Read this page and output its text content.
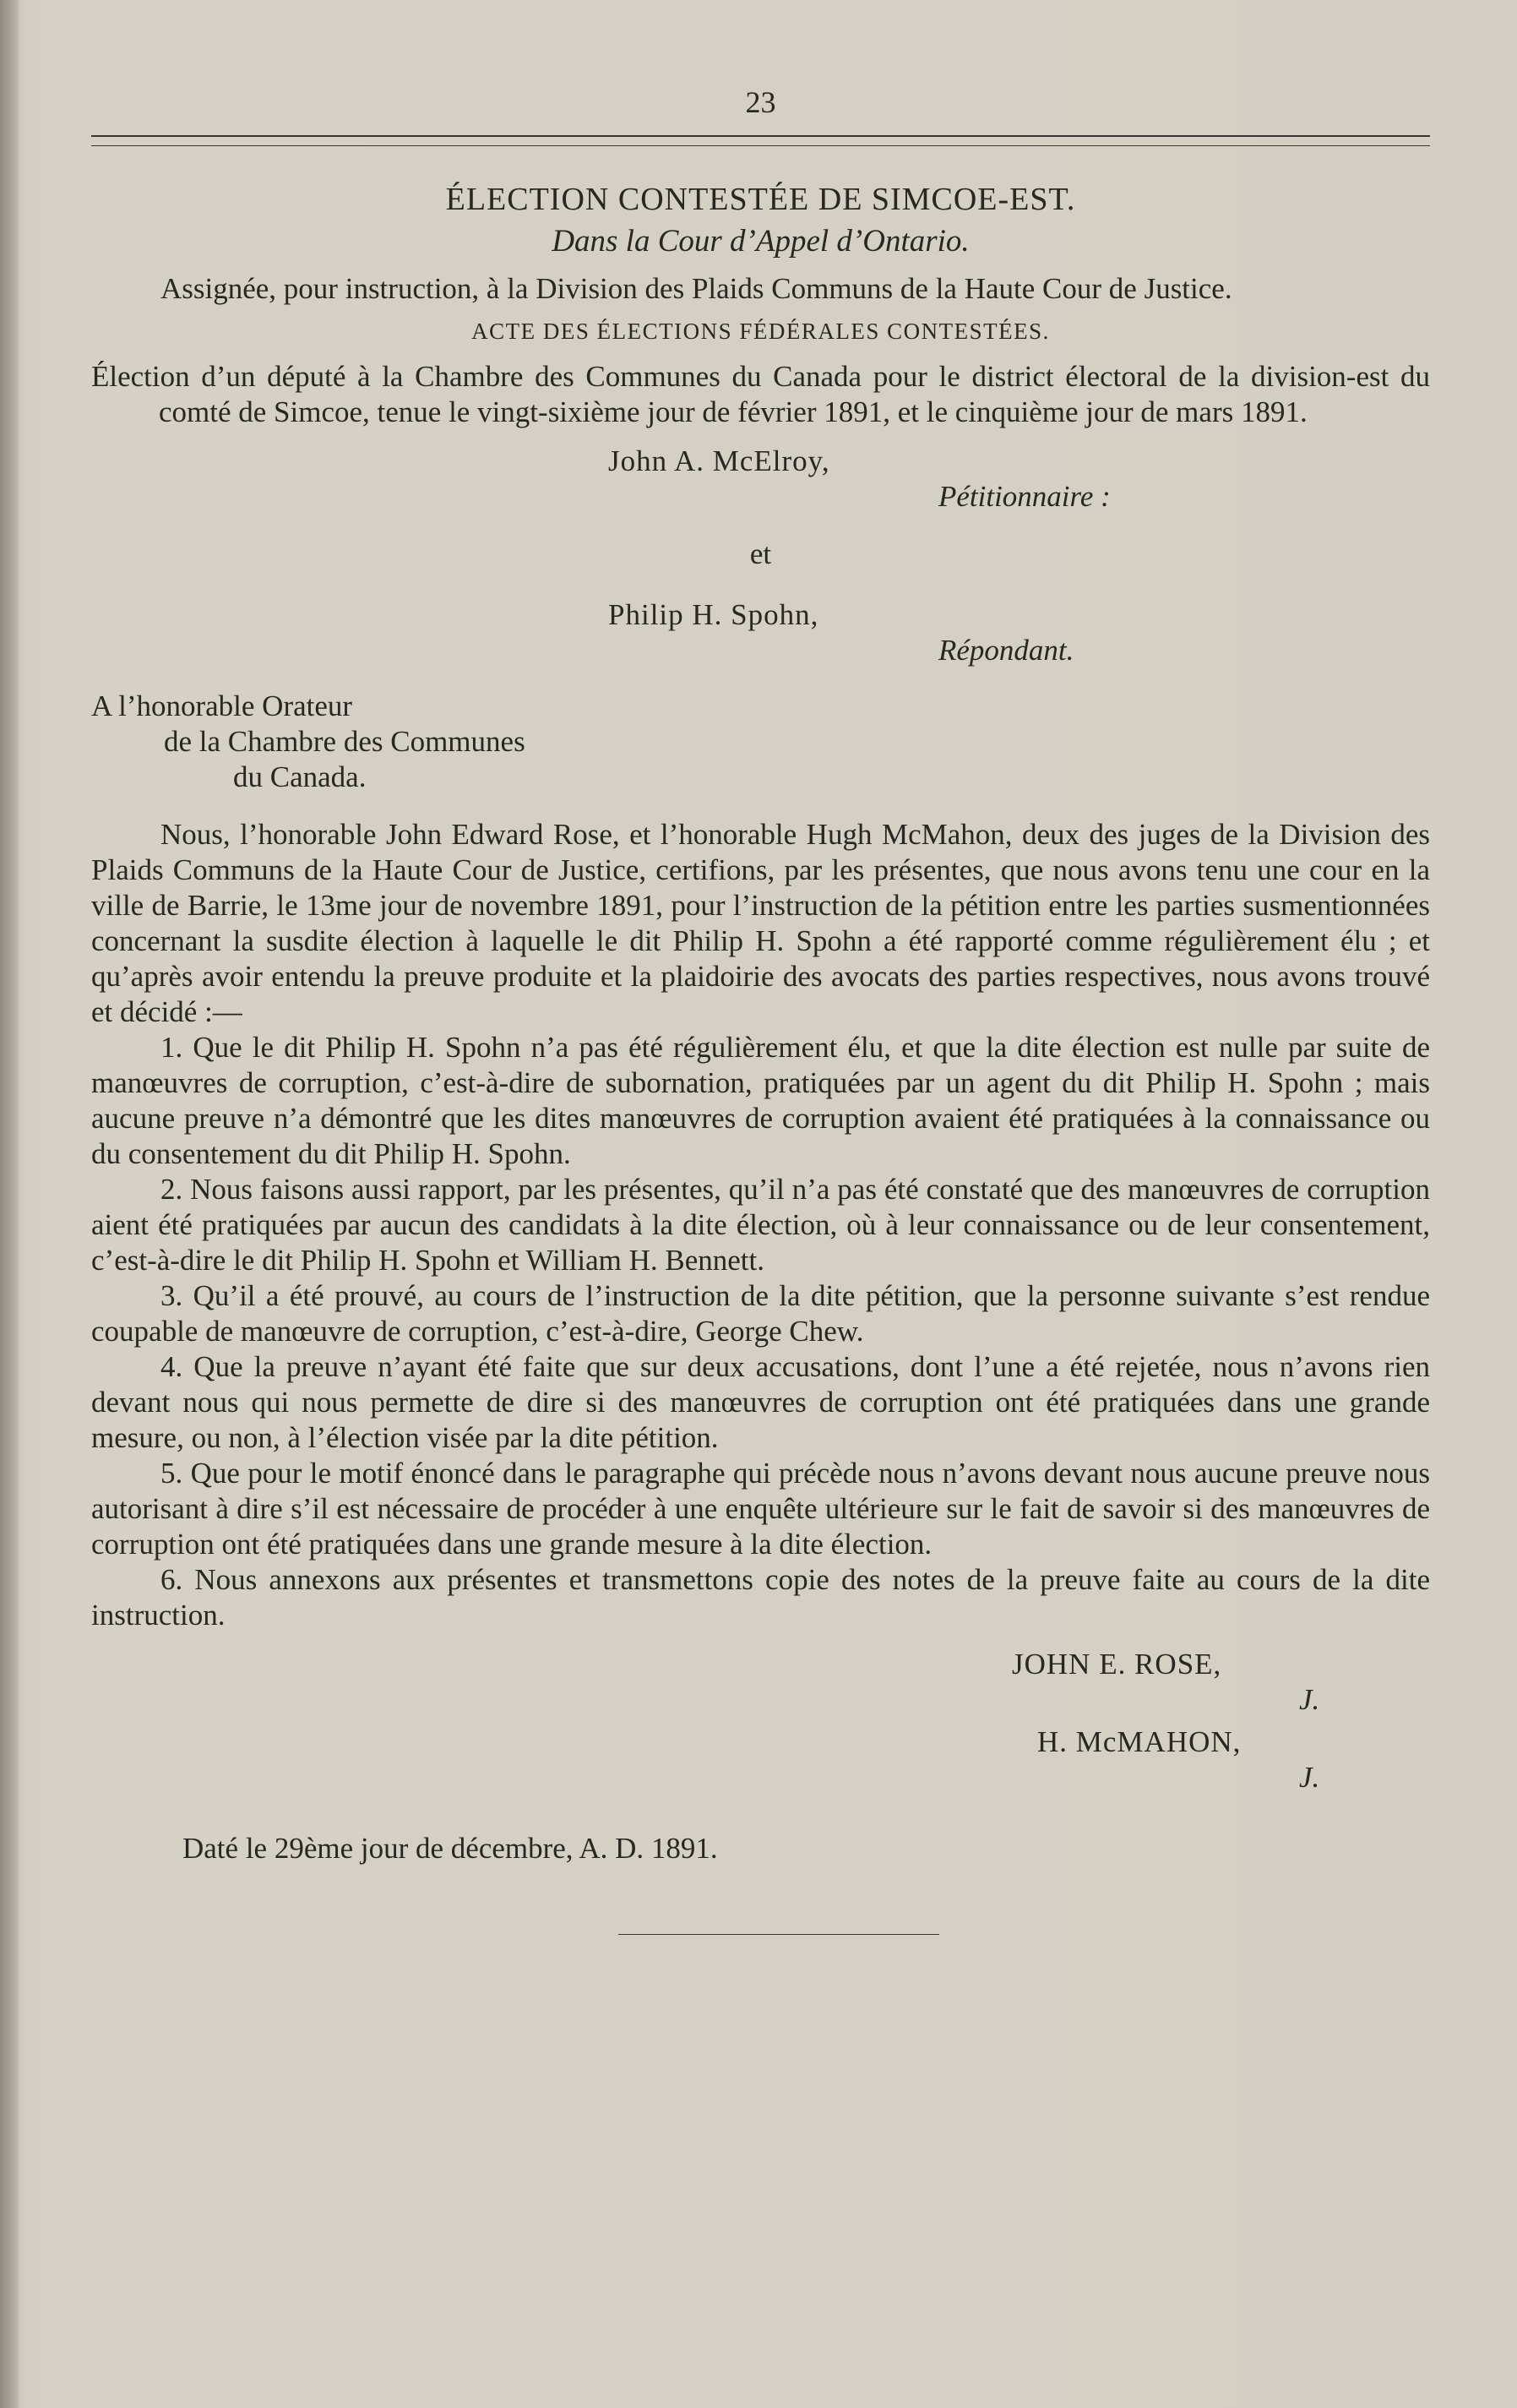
23
ÉLECTION CONTESTÉE DE SIMCOE-EST.
Dans la Cour d’Appel d’Ontario.

Assignée, pour instruction, à la Division des Plaids Communs de la Haute Cour de Justice.

ACTE DES ÉLECTIONS FÉDÉRALES CONTESTÉES.

Élection d’un député à la Chambre des Communes du Canada pour le district électoral de la division-est du comté de Simcoe, tenue le vingt-sixième jour de février 1891, et le cinquième jour de mars 1891.

John A. McElroy,
Pétitionnaire :
et
Philip H. Spohn,
Répondant.
A l’honorable Orateur
de la Chambre des Communes
du Canada.

Nous, l’honorable John Edward Rose, et l’honorable Hugh McMahon, deux des juges de la Division des Plaids Communs de la Haute Cour de Justice, certifions, par les présentes, que nous avons tenu une cour en la ville de Barrie, le 13me jour de novembre 1891, pour l’instruction de la pétition entre les parties susmentionnées concernant la susdite élection à laquelle le dit Philip H. Spohn a été rapporté comme régulièrement élu ; et qu’après avoir entendu la preuve produite et la plaidoirie des avocats des parties respectives, nous avons trouvé et décidé :—

1. Que le dit Philip H. Spohn n’a pas été régulièrement élu, et que la dite élection est nulle par suite de manœuvres de corruption, c’est-à-dire de subornation, pratiquées par un agent du dit Philip H. Spohn ; mais aucune preuve n’a démontré que les dites manœuvres de corruption avaient été pratiquées à la connaissance ou du consentement du dit Philip H. Spohn.

2. Nous faisons aussi rapport, par les présentes, qu’il n’a pas été constaté que des manœuvres de corruption aient été pratiquées par aucun des candidats à la dite élection, où à leur connaissance ou de leur consentement, c’est-à-dire le dit Philip H. Spohn et William H. Bennett.

3. Qu’il a été prouvé, au cours de l’instruction de la dite pétition, que la personne suivante s’est rendue coupable de manœuvre de corruption, c’est-à-dire, George Chew.

4. Que la preuve n’ayant été faite que sur deux accusations, dont l’une a été rejetée, nous n’avons rien devant nous qui nous permette de dire si des manœuvres de corruption ont été pratiquées dans une grande mesure, ou non, à l’élection visée par la dite pétition.

5. Que pour le motif énoncé dans le paragraphe qui précède nous n’avons devant nous aucune preuve nous autorisant à dire s’il est nécessaire de procéder à une enquête ultérieure sur le fait de savoir si des manœuvres de corruption ont été pratiquées dans une grande mesure à la dite élection.

6. Nous annexons aux présentes et transmettons copie des notes de la preuve faite au cours de la dite instruction.

JOHN E. ROSE,
J.
H. McMAHON,
J.
Daté le 29ème jour de décembre, A. D. 1891.
